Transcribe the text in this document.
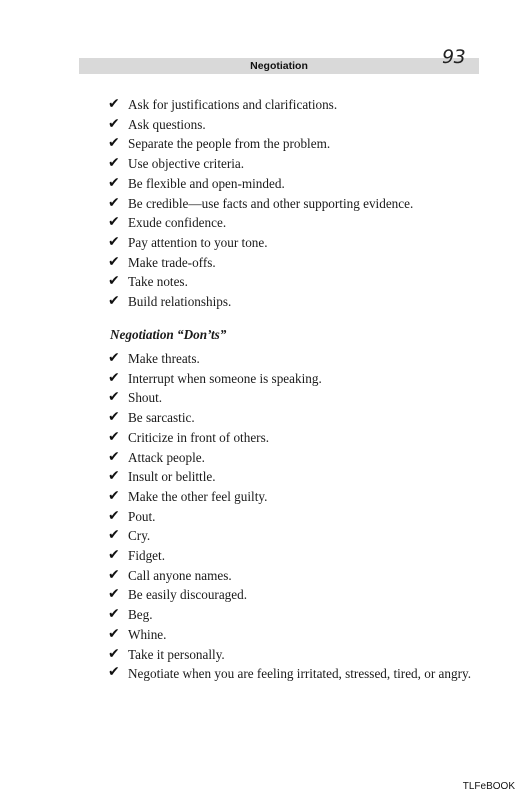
Negotiation	93
✔ Ask for justifications and clarifications.
✔ Ask questions.
✔ Separate the people from the problem.
✔ Use objective criteria.
✔ Be flexible and open-minded.
✔ Be credible—use facts and other supporting evidence.
✔ Exude confidence.
✔ Pay attention to your tone.
✔ Make trade-offs.
✔ Take notes.
✔ Build relationships.
Negotiation “Don’ts”
✔ Make threats.
✔ Interrupt when someone is speaking.
✔ Shout.
✔ Be sarcastic.
✔ Criticize in front of others.
✔ Attack people.
✔ Insult or belittle.
✔ Make the other feel guilty.
✔ Pout.
✔ Cry.
✔ Fidget.
✔ Call anyone names.
✔ Be easily discouraged.
✔ Beg.
✔ Whine.
✔ Take it personally.
✔ Negotiate when you are feeling irritated, stressed, tired, or angry.
TLFeBOOK
